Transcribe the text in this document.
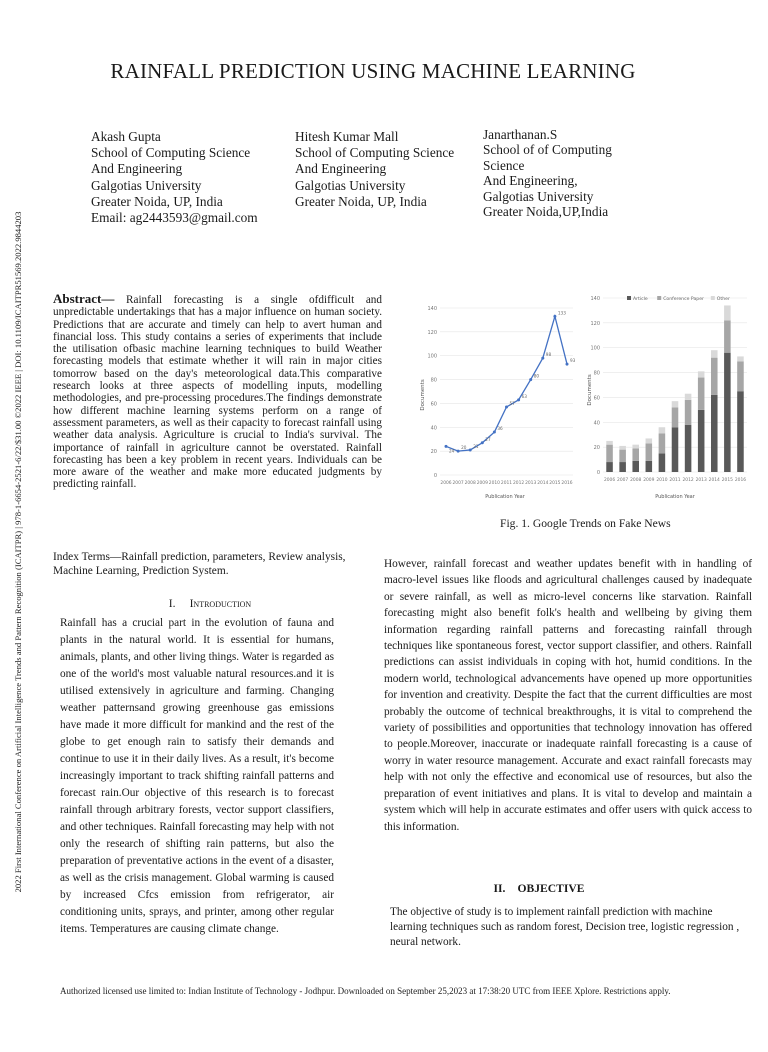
2022 First International Conference on Artificial Intelligence Trends and Pattern Recognition (ICAITPR) | 978-1-6654-2521-6/22/$31.00 ©2022 IEEE | DOI: 10.1109/ICAITPR51569.2022.9844203
RAINFALL PREDICTION USING MACHINE LEARNING
Akash Gupta
School of Computing Science
And Engineering
Galgotias University
Greater Noida, UP, India
Email: ag2443593@gmail.com
Hitesh Kumar Mall
School of Computing Science
And Engineering
Galgotias University
Greater Noida, UP, India
Janarthanan.S
School of of Computing
Science
And Engineering,
Galgotias University
Greater Noida,UP,India
Abstract— Rainfall forecasting is a single ofdifficult and unpredictable undertakings that has a major influence on human society. Predictions that are accurate and timely can help to avert human and financial loss. This study contains a series of experiments that include the utilisation ofbasic machine learning techniques to build Weather forecasting models that estimate whether it will rain in major cities tomorrow based on the day's meteorological data.This comparative research looks at three aspects of modelling inputs, modelling methodologies, and pre-processing procedures.The findings demonstrate how different machine learning systems perform on a range of assessment parameters, as well as their capacity to forecast rainfall using weather data analysis. Agriculture is crucial to India's survival. The importance of rainfall in agriculture cannot be overstated. Rainfall forecasting has been a key problem in recent years. Individuals can be more aware of the weather and make more educated judgments by predicting rainfall.
Index Terms—Rainfall prediction, parameters, Review analysis, Machine Learning, Prediction System.
I. Introduction
Rainfall has a crucial part in the evolution of fauna and plants in the natural world. It is essential for humans, animals, plants, and other living things. Water is regarded as one of the world's most valuable natural resources.and it is utilised extensively in agriculture and farming. Changing weather patternsand growing greenhouse gas emissions have made it more difficult for mankind and the rest of the globe to get enough rain to satisfy their demands and continue to use it in their daily lives. As a result, it's become increasingly important to track shifting rainfall patterns and forecast rain.Our objective of this research is to forecast rainfall through arbitrary forests, vector support classifiers, and other techniques. Rainfall forecasting may help with not only the research of shifting rain patterns, but also the preparation of preventative actions in the event of a disaster, as well as the crisis management. Global warming is caused by increased Cfcs emission from refrigerator, air conditioning units, sprays, and printer, among other regular items. Temperatures are causing climate change.
0
20
40
60
80
100
120
140
2006 2007 2008 2009 2010 2011 2012 2013 2014 2015 2016
24
20 21
27
36
57
63
80
98
133
93
Documents
Publication Year
0
20
40
60
80
100
120
140
2006 2007 2008 2009 2010 2011 2012 2013 2014 2015 2016
Article	Conference Paper	Other
Documents
Publication Year
Fig. 1. Google Trends on Fake News
However, rainfall forecast and weather updates benefit with in handling of macro-level issues like floods and agricultural challenges caused by inadequate or severe rainfall, as well as micro-level concerns like starvation. Rainfall forecasting might also benefit folk's health and wellbeing by giving them information regarding rainfall patterns and forecasting rainfall through techniques like spontaneous forest, vector support classifier, and others. Rainfall predictions can assist individuals in coping with hot, humid conditions. In the modern world, technological advancements have opened up more opportunities for invention and creativity. Despite the fact that the current difficulties are most probably the outcome of technical breakthroughs, it is vital to comprehend the variety of possibilities and opportunities that technology innovation has offered to people.Moreover, inaccurate or inadequate rainfall forecasting is a cause of worry in water resource management. Accurate and exact rainfall forecasts may help with not only the effective and economical use of resources, but also the preparation of event initiatives and plans. It is vital to develop and maintain a system which will help in accurate estimates and offer users with quick access to this information.
II. OBJECTIVE
The objective of study is to implement rainfall prediction with machine learning techniques such as random forest, Decision tree, logistic regression , neural network.
Authorized licensed use limited to: Indian Institute of Technology - Jodhpur. Downloaded on September 25,2023 at 17:38:20 UTC from IEEE Xplore. Restrictions apply.
